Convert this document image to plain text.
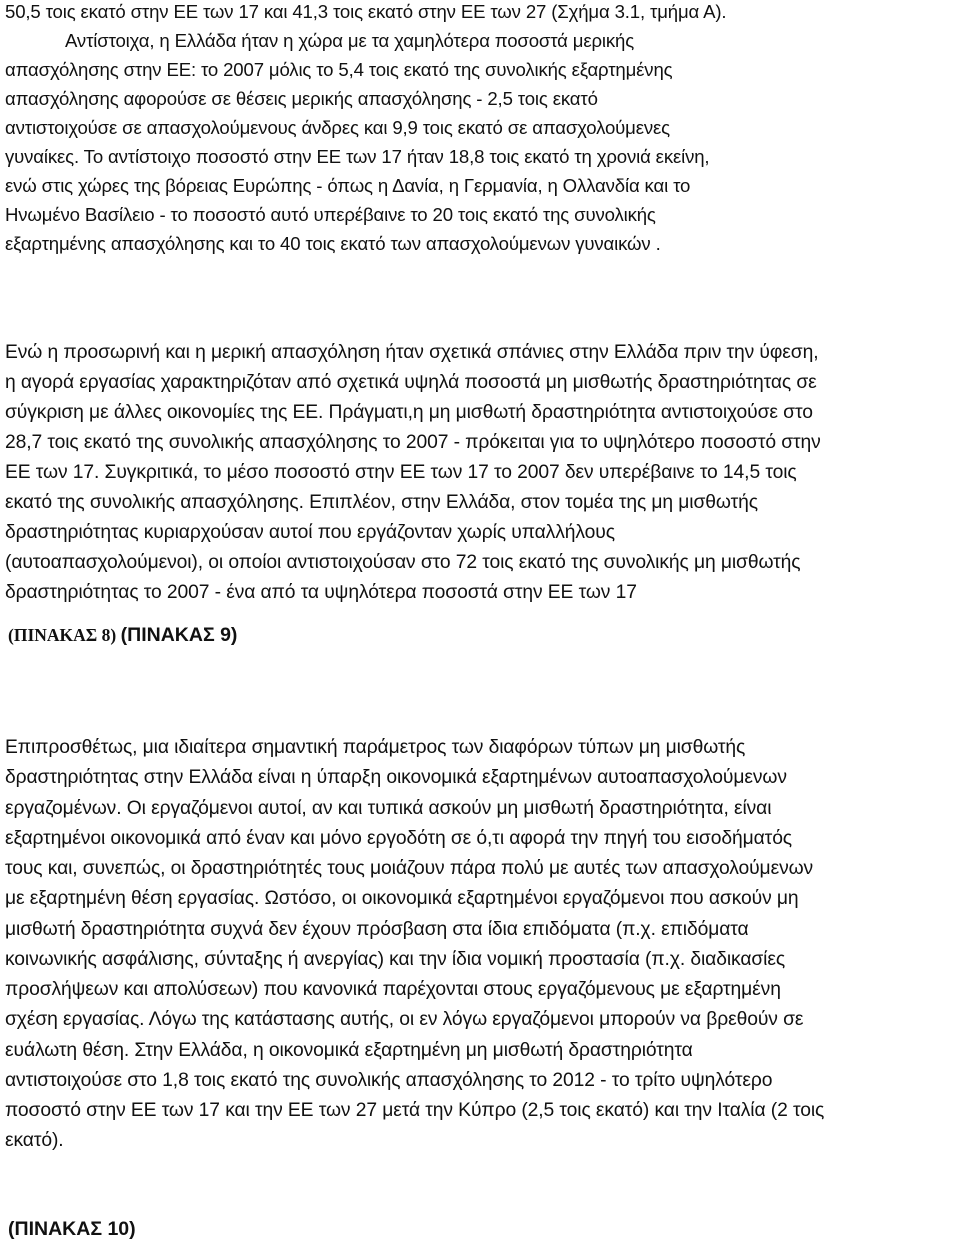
50,5 τοις εκατό στην ΕΕ των 17 και 41,3 τοις εκατό στην ΕΕ των 27 (Σχήμα 3.1, τμήμα Α).
Αντίστοιχα, η Ελλάδα ήταν η χώρα με τα χαμηλότερα ποσοστά μερικής
απασχόλησης στην ΕΕ: το 2007 μόλις το 5,4 τοις εκατό της συνολικής εξαρτημένης
απασχόλησης αφορούσε σε θέσεις μερικής απασχόλησης - 2,5 τοις εκατό
αντιστοιχούσε σε απασχολούμενους άνδρες και 9,9 τοις εκατό σε απασχολούμενες
γυναίκες. Το αντίστοιχο ποσοστό στην ΕΕ των 17 ήταν 18,8 τοις εκατό τη χρονιά εκείνη,
ενώ στις χώρες της βόρειας Ευρώπης - όπως η Δανία, η Γερμανία, η Ολλανδία και το
Ηνωμένο Βασίλειο - το ποσοστό αυτό υπερέβαινε το 20 τοις εκατό της συνολικής
εξαρτημένης απασχόλησης και το 40 τοις εκατό των απασχολούμενων γυναικών .
Ενώ η προσωρινή και η μερική απασχόληση ήταν σχετικά σπάνιες στην Ελλάδα πριν την ύφεση,
η αγορά εργασίας χαρακτηριζόταν από σχετικά υψηλά ποσοστά μη μισθωτής δραστηριότητας σε
σύγκριση με άλλες οικονομίες της ΕΕ. Πράγματι,η μη μισθωτή δραστηριότητα αντιστοιχούσε στο
28,7 τοις εκατό της συνολικής απασχόλησης το 2007 - πρόκειται για το υψηλότερο ποσοστό στην
ΕΕ των 17. Συγκριτικά, το μέσο ποσοστό στην ΕΕ των 17 το 2007 δεν υπερέβαινε το 14,5 τοις
εκατό της συνολικής απασχόλησης. Επιπλέον, στην Ελλάδα, στον τομέα της μη μισθωτής
δραστηριότητας κυριαρχούσαν αυτοί που εργάζονταν χωρίς υπαλλήλους
(αυτοαπασχολούμενοι), οι οποίοι αντιστοιχούσαν στο 72 τοις εκατό της συνολικής μη μισθωτής
δραστηριότητας το 2007 - ένα από τα υψηλότερα ποσοστά στην ΕΕ των 17
(ΠΙΝΑΚΑΣ 8) (ΠΙΝΑΚΑΣ 9)
Επιπροσθέτως, μια ιδιαίτερα σημαντική παράμετρος των διαφόρων τύπων μη μισθωτής
δραστηριότητας στην Ελλάδα είναι η ύπαρξη οικονομικά εξαρτημένων αυτοαπασχολούμενων
εργαζομένων. Οι εργαζόμενοι αυτοί, αν και τυπικά ασκούν μη μισθωτή δραστηριότητα, είναι
εξαρτημένοι οικονομικά από έναν και μόνο εργοδότη σε ό,τι αφορά την πηγή του εισοδήματός
τους και, συνεπώς, οι δραστηριότητές τους μοιάζουν πάρα πολύ με αυτές των απασχολούμενων
με εξαρτημένη θέση εργασίας. Ωστόσο, οι οικονομικά εξαρτημένοι εργαζόμενοι που ασκούν μη
μισθωτή δραστηριότητα συχνά δεν έχουν πρόσβαση στα ίδια επιδόματα (π.χ. επιδόματα
κοινωνικής ασφάλισης, σύνταξης ή ανεργίας) και την ίδια νομική προστασία (π.χ. διαδικασίες
προσλήψεων και απολύσεων) που κανονικά παρέχονται στους εργαζόμενους με εξαρτημένη
σχέση εργασίας. Λόγω της κατάστασης αυτής, οι εν λόγω εργαζόμενοι μπορούν να βρεθούν σε
ευάλωτη θέση. Στην Ελλάδα, η οικονομικά εξαρτημένη μη μισθωτή δραστηριότητα
αντιστοιχούσε στο 1,8 τοις εκατό της συνολικής απασχόλησης το 2012 - το τρίτο υψηλότερο
ποσοστό στην ΕΕ των 17 και την ΕΕ των 27 μετά την Κύπρο (2,5 τοις εκατό) και την Ιταλία (2 τοις
εκατό).
(ΠΙΝΑΚΑΣ 10)
